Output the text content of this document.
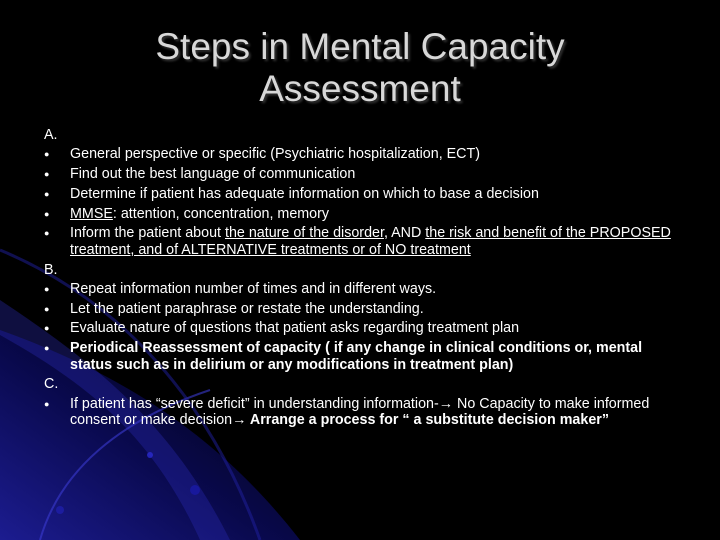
Steps in Mental Capacity Assessment
A.
● General perspective or specific (Psychiatric hospitalization, ECT)
● Find out the best language of communication
● Determine if patient has adequate information on which to base a decision
● MMSE: attention, concentration, memory
● Inform the patient about the nature of the disorder, AND the risk and benefit of the PROPOSED treatment, and of ALTERNATIVE treatments or of NO treatment
B.
● Repeat information number of times and in different ways.
● Let the patient paraphrase or restate the understanding.
● Evaluate nature of questions that patient asks regarding treatment plan
● Periodical Reassessment of capacity ( if any change in clinical conditions or, mental status such as in delirium or any modifications in treatment plan)
C.
● If patient has “severe deficit” in understanding information-→ No Capacity to make informed consent or make decision→ Arrange a process for “ a substitute decision maker”
